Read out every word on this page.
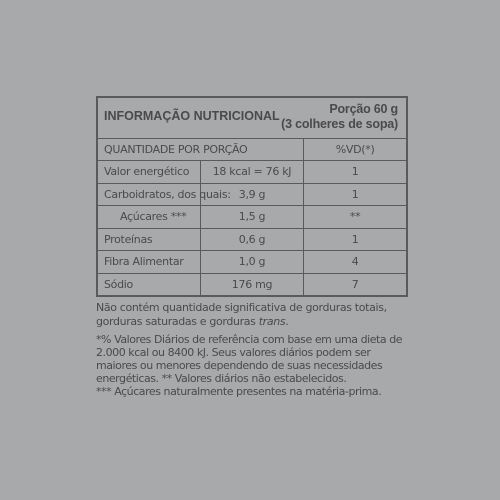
INFORMAÇÃO NUTRICIONAL Porção 60 g
(3 colheres de sopa)		

QUANTIDADE POR PORÇÃO		%VD(*)
Valor energético	18 kcal = 76 kJ	1
Carboidratos, dos quais:	3,9 g	1
Açúcares ***	1,5 g	**
Proteínas	0,6 g	1
Fibra Alimentar	1,0 g	4
Sódio	176 mg	7

Não contém quantidade significativa de gorduras totais, gorduras saturadas e gorduras trans.

*% Valores Diários de referência com base em uma dieta de 2.000 kcal ou 8400 kJ. Seus valores diários podem ser maiores ou menores dependendo de suas necessidades energéticas. ** Valores diários não estabelecidos.
*** Açúcares naturalmente presentes na matéria-prima.
